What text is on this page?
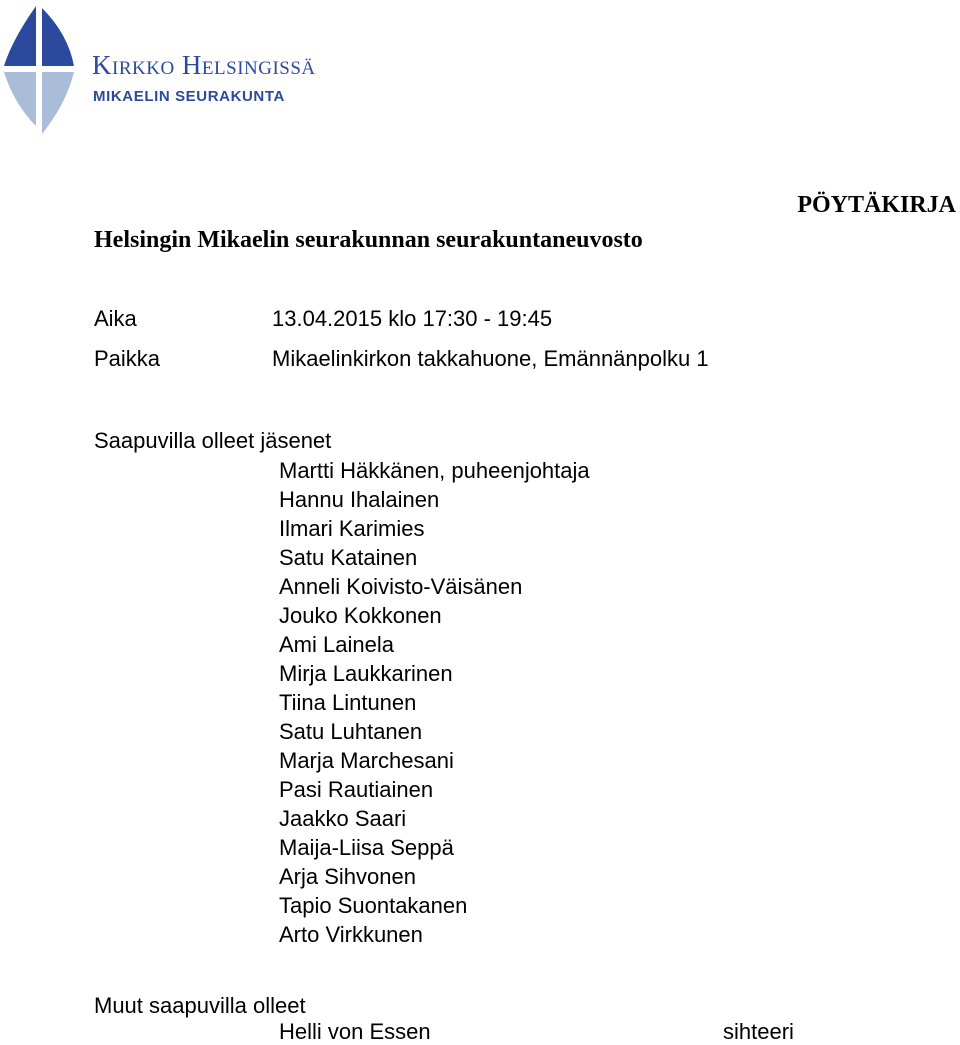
Kirkko Helsingissä
MIKAELIN SEURAKUNTA
PÖYTÄKIRJA
Helsingin Mikaelin seurakunnan seurakuntaneuvosto
Aika	13.04.2015 klo 17:30 - 19:45
Paikka	Mikaelinkirkon takkahuone, Emännänpolku 1
Saapuvilla olleet jäsenet
Martti Häkkänen, puheenjohtaja
Hannu Ihalainen
Ilmari Karimies
Satu Katainen
Anneli Koivisto-Väisänen
Jouko Kokkonen
Ami Lainela
Mirja Laukkarinen
Tiina Lintunen
Satu Luhtanen
Marja Marchesani
Pasi Rautiainen
Jaakko Saari
Maija-Liisa Seppä
Arja Sihvonen
Tapio Suontakanen
Arto Virkkunen
Muut saapuvilla olleet
Helli von Essen	sihteeri
